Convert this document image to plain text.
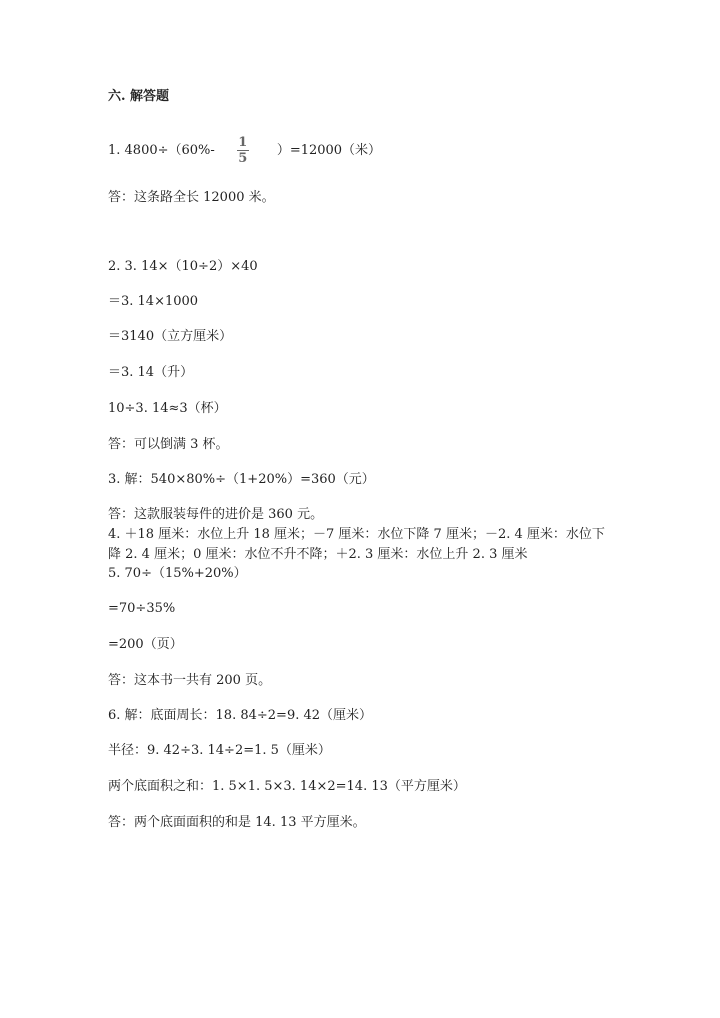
六. 解答题
1. $4800\div(60\%- \frac{1}{5} )=12000$（米）
答：这条路全长 12000 米。
2. 3. 14×（10÷2）×40
＝3. 14×1000
＝3140（立方厘米）
＝3. 14（升）
10÷3. 14≈3（杯）
答：可以倒满 3 杯。
3. 解：540×80%÷（1+20%）=360（元）
答：这款服装每件的进价是 360 元。
4. ＋18 厘米：水位上升 18 厘米；－7 厘米：水位下降 7 厘米；－2. 4 厘米：水位下降 2. 4 厘米；0 厘米：水位不升不降；＋2. 3 厘米：水位上升 2. 3 厘米
5. 70÷（15%+20%）
=70÷35%
=200（页）
答：这本书一共有 200 页。
6. 解：底面周长：18. 84÷2=9. 42（厘米）
半径：9. 42÷3. 14÷2=1. 5（厘米）
两个底面积之和：1. 5×1. 5×3. 14×2=14. 13（平方厘米）
答：两个底面面积的和是 14. 13 平方厘米。
